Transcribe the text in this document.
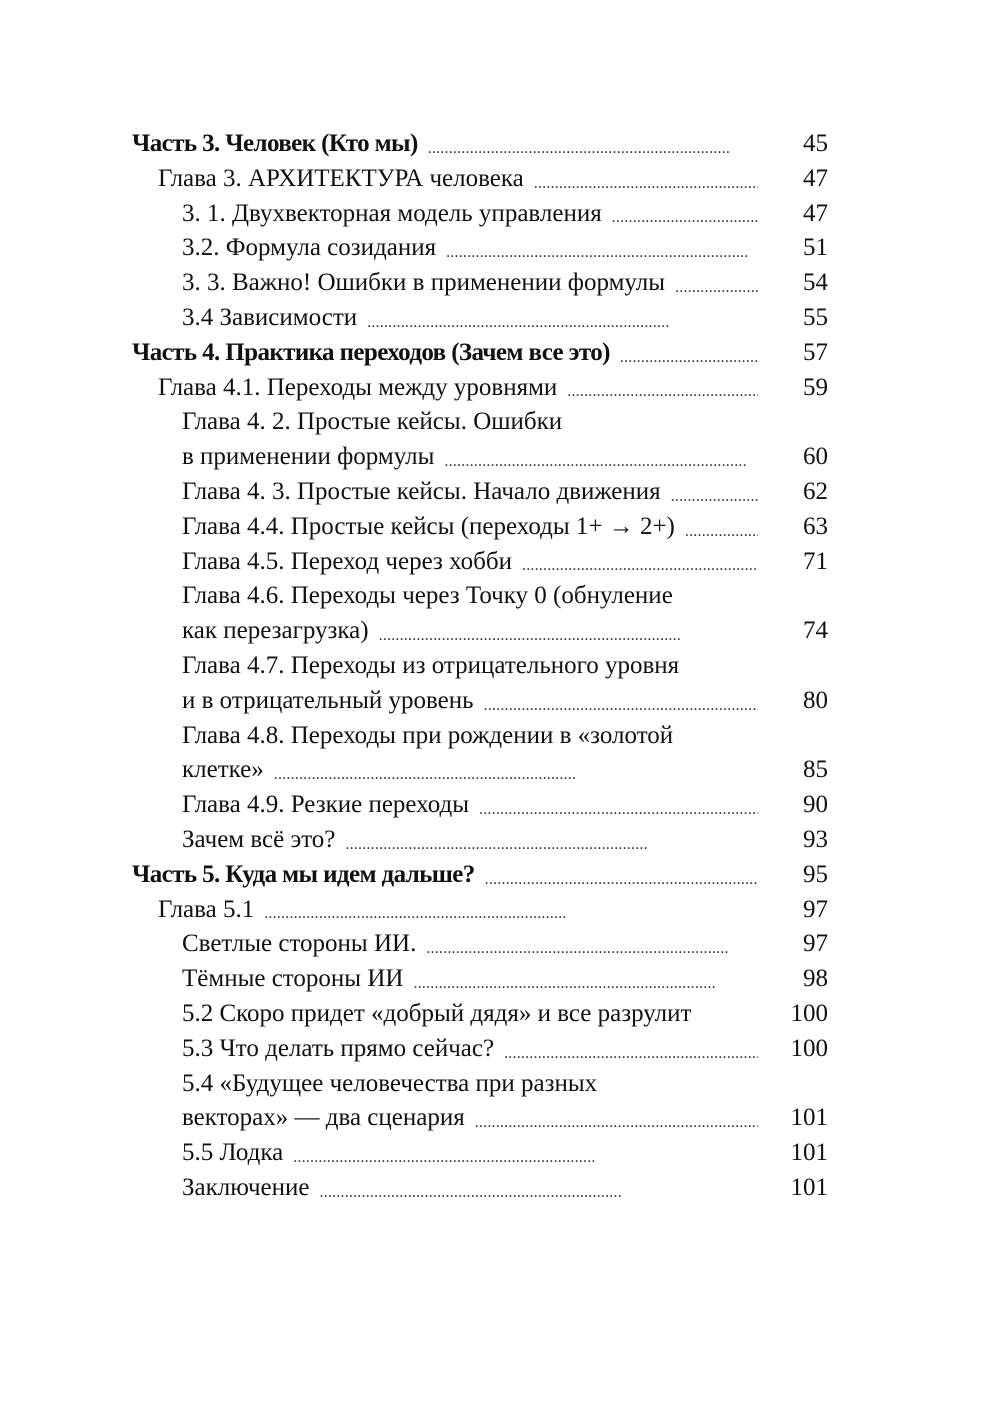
Часть 3. Человек (Кто мы) . . .	45
Глава 3. АРХИТЕКТУРА человека . . .	47
3. 1. Двухвекторная модель управления . . .	47
3.2. Формула созидания . . .	51
3. 3. Важно! Ошибки в применении формулы . . .	54
3.4 Зависимости . . .	55
Часть 4. Практика переходов (Зачем все это) . . .	57
Глава 4.1. Переходы между уровнями . . .	59
Глава 4. 2. Простые кейсы. Ошибки
в применении формулы . . .	60
Глава 4. 3. Простые кейсы. Начало движения . . .	62
Глава 4.4. Простые кейсы (переходы 1+ → 2+) . . .	63
Глава 4.5. Переход через хобби . . .	71
Глава 4.6. Переходы через Точку 0 (обнуление
как перезагрузка) . . .	74
Глава 4.7. Переходы из отрицательного уровня
и в отрицательный уровень . . .	80
Глава 4.8. Переходы при рождении в «золотой
клетке» . . .	85
Глава 4.9. Резкие переходы . . .	90
Зачем всё это? . . .	93
Часть 5. Куда мы идем дальше? . . .	95
Глава 5.1 . . .	97
Светлые стороны ИИ. . . .	97
Тёмные стороны ИИ . . .	98
5.2 Скоро придет «добрый дядя» и все разрулит	100
5.3 Что делать прямо сейчас? . . .	100
5.4 «Будущее человечества при разных
векторах» — два сценария . . .	101
5.5 Лодка . . .	101
Заключение . . .	101
